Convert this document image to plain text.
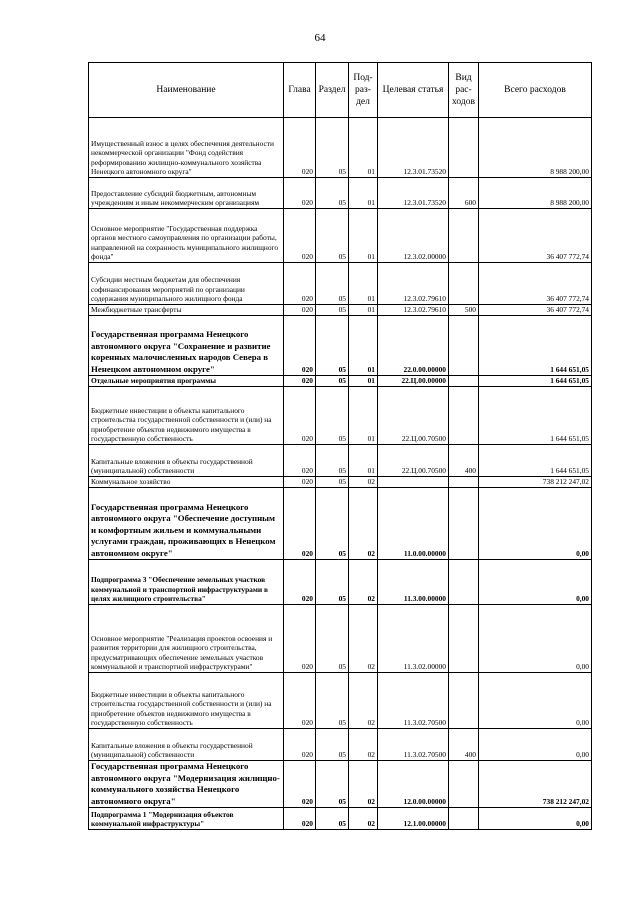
64
Наименование	Глава	Раздел	Под-раз-дел	Целевая статья	Вид рас-ходов	Всего расходов
Имущественный взнос в целях обеспечения деятельности некоммерческой организации "Фонд содействия реформированию жилищно-коммунального хозяйства Ненецкого автономного округа"	020	05	01	12.3.01.73520		8 988 200,00
Предоставление субсидий бюджетным, автономным учреждениям и иным некоммерческим организациям	020	05	01	12.3.01.73520	600	8 988 200,00
Основное мероприятие "Государственная поддержка органов местного самоуправления по организации работы, направленной на сохранность муниципального жилищного фонда"	020	05	01	12.3.02.00000		36 407 772,74
Субсидии местным бюджетам для обеспечения софинансирования мероприятий по организации содержания муниципального жилищного фонда	020	05	01	12.3.02.79610		36 407 772,74
Межбюджетные трансферты	020	05	01	12.3.02.79610	500	36 407 772,74
Государственная программа Ненецкого автономного округа "Сохранение и развитие коренных малочисленных народов Севера в Ненецком автономном округе"	020	05	01	22.0.00.00000		1 644 651,05
Отдельные мероприятия программы	020	05	01	22.Ц.00.00000		1 644 651,05
Бюджетные инвестиции в объекты капитального строительства государственной собственности и (или) на приобретение объектов недвижимого имущества в государственную собственность	020	05	01	22.Ц.00.70500		1 644 651,05
Капитальные вложения в объекты государственной (муниципальной) собственности	020	05	01	22.Ц.00.70500	400	1 644 651,05
Коммунальное хозяйство	020	05	02			738 212 247,02
Государственная программа Ненецкого автономного округа "Обеспечение доступным и комфортным жильем и коммунальными услугами граждан, проживающих в Ненецком автономном округе"	020	05	02	11.0.00.00000		0,00
Подпрограмма 3 "Обеспечение земельных участков коммунальной и транспортной инфраструктурами в целях жилищного строительства"	020	05	02	11.3.00.00000		0,00
Основное мероприятие "Реализация проектов освоения и развития территории для жилищного строительства, предусматривающих обеспечение земельных участков коммунальной и транспортной инфраструктурами"	020	05	02	11.3.02.00000		0,00
Бюджетные инвестиции в объекты капитального строительства государственной собственности и (или) на приобретение объектов недвижимого имущества в государственную собственность	020	05	02	11.3.02.70500		0,00
Капитальные вложения в объекты государственной (муниципальной) собственности	020	05	02	11.3.02.70500	400	0,00
Государственная программа Ненецкого автономного округа "Модернизация жилищно-коммунального хозяйства Ненецкого автономного округа"	020	05	02	12.0.00.00000		738 212 247,02
Подпрограмма 1 "Модернизация объектов коммунальной инфраструктуры"	020	05	02	12.1.00.00000		0,00
